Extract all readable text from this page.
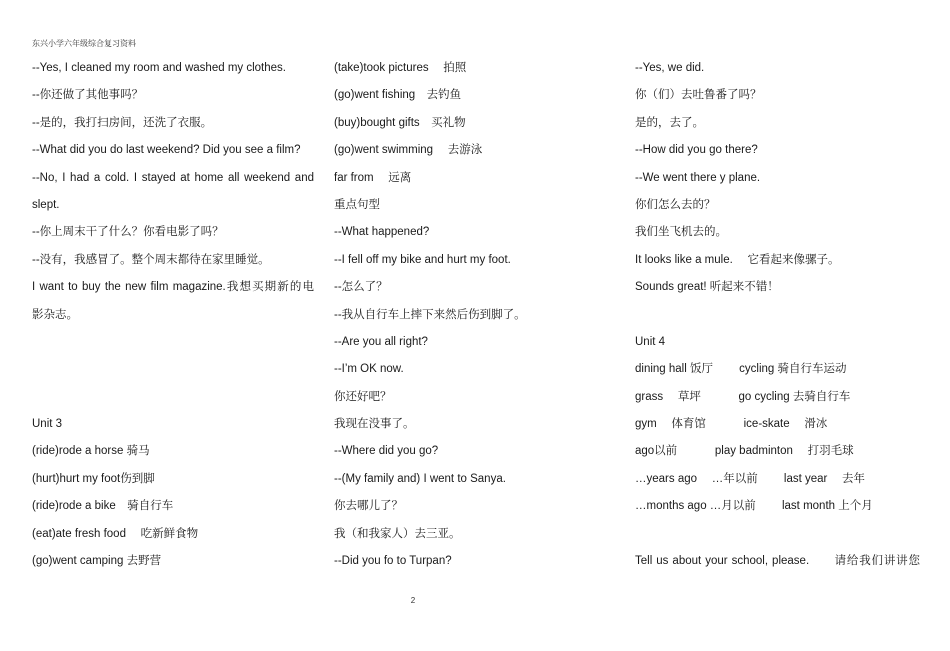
东兴小学六年级综合复习资料
--Yes, I cleaned my room and washed my clothes.
--你还做了其他事吗？
--是的，我打扫房间，还洗了衣服。
--What did you do last weekend? Did you see a film?
--No, I had a cold. I stayed at home all weekend and
slept.
--你上周末干了什么？你看电影了吗？
--没有，我感冒了。整个周末都待在家里睡觉。
I want to buy the new film magazine.我想买期新的电
影杂志。
Unit 3
(ride)rode a horse 骑马
(hurt)hurt my foot伤到脚
(ride)rode a bike　骑自行车
(eat)ate fresh food　 吃新鲜食物
(go)went camping 去野营
(take)took pictures　 拍照
(go)went fishing　去钓鱼
(buy)bought gifts　买礼物
(go)went swimming　 去游泳
far from　 远离
重点句型
--What happened?
--I fell off my bike and hurt my foot.
--怎么了？
--我从自行车上摔下来然后伤到脚了。
--Are you all right?
--I’m OK now.
你还好吧？
我现在没事了。
--Where did you go?
--(My family and) I went to Sanya.
你去哪儿了？
我（和我家人）去三亚。
--Did you fo to Turpan?
--Yes, we did.
你（们）去吐鲁番了吗？
是的，去了。
--How did you go there?
--We went there y plane.
你们怎么去的？
我们坐飞机去的。
It looks like a mule.　 它看起来像骡子。
Sounds great! 听起来不错！
Unit 4
dining hall 饭厅　　 cycling 骑自行车运动
grass　 草坪　　　 go cycling 去骑自行车
gym　 体育馆　　　 ice-skate　 滑冰
ago以前　　　 play badminton　 打羽毛球
…years ago　 …年以前　　 last year　 去年
…months ago …月以前　　 last month 上个月
Tell us about your school, please.　　请给我们讲讲您
2
